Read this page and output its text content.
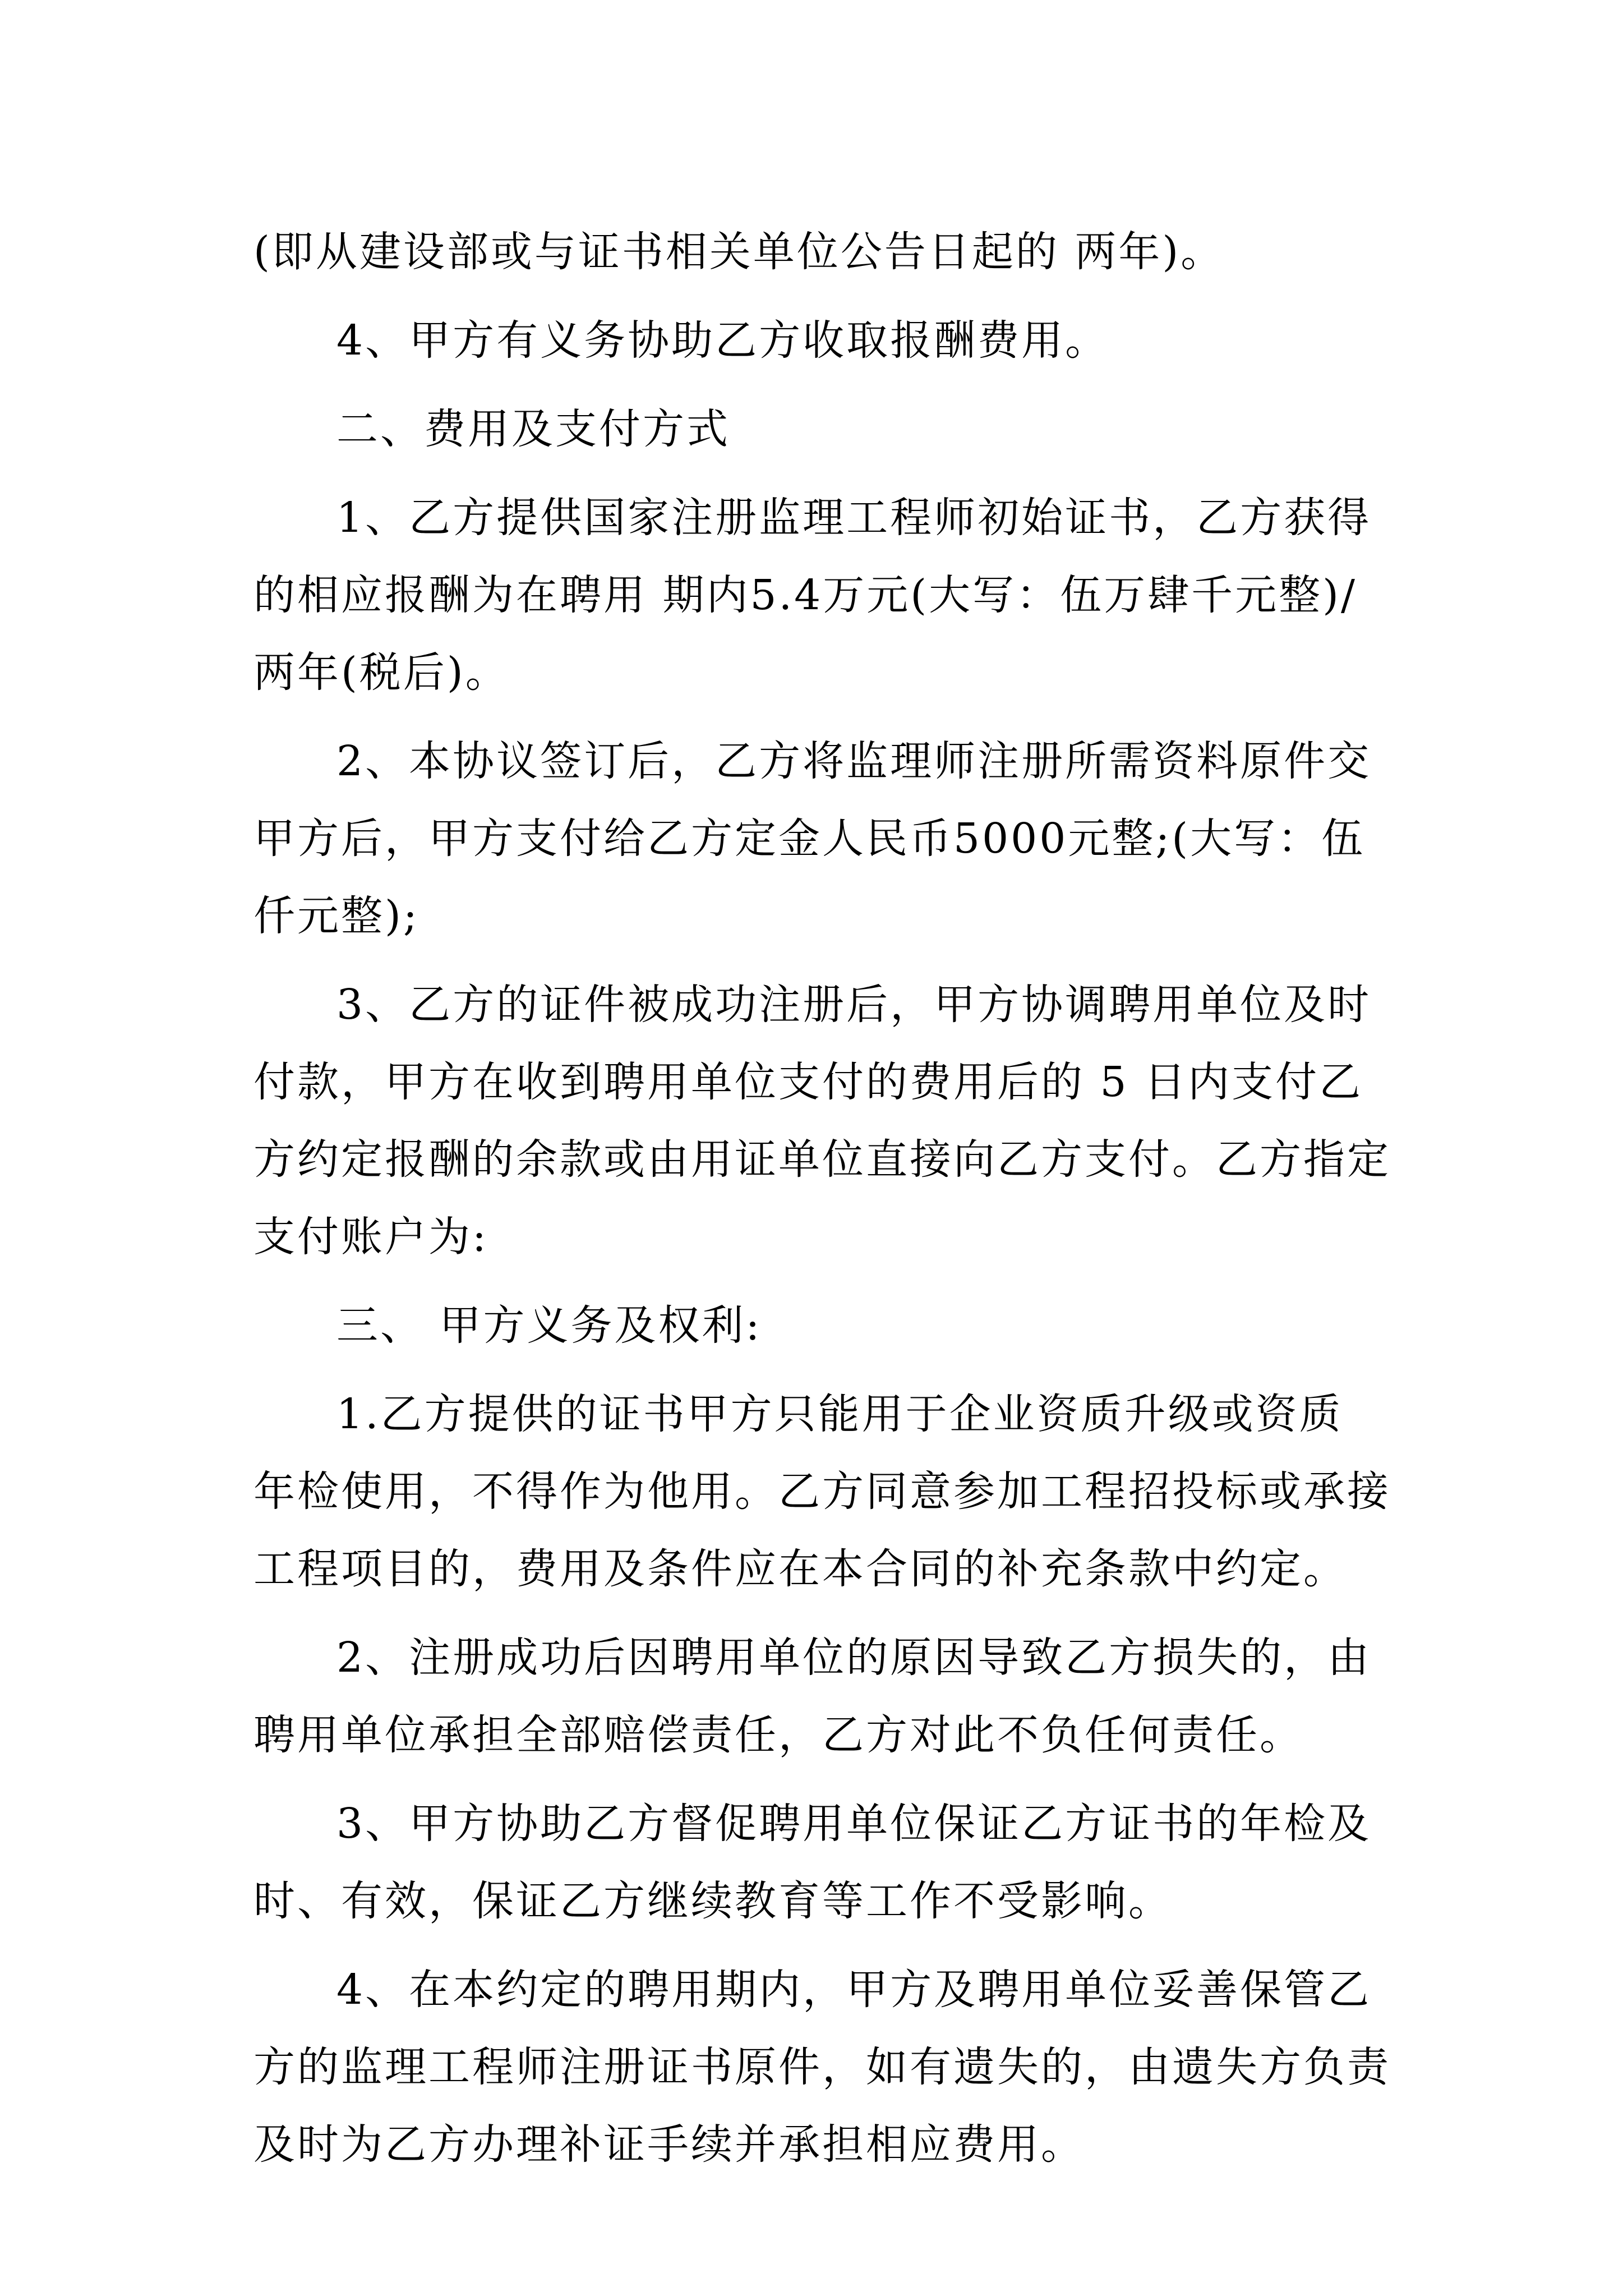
(即从建设部或与证书相关单位公告日起的 两年)。
4、甲方有义务协助乙方收取报酬费用。
二、费用及支付方式
1、乙方提供国家注册监理工程师初始证书，乙方获得
的相应报酬为在聘用 期内5.4万元(大写：伍万肆千元整)/
两年(税后)。
2、本协议签订后，乙方将监理师注册所需资料原件交
甲方后，甲方支付给乙方定金人民币5000元整;(大写：伍
仟元整);
3、乙方的证件被成功注册后，甲方协调聘用单位及时
付款，甲方在收到聘用单位支付的费用后的 5 日内支付乙
方约定报酬的余款或由用证单位直接向乙方支付。乙方指定
支付账户为:
三、 甲方义务及权利:
1.乙方提供的证书甲方只能用于企业资质升级或资质
年检使用，不得作为他用。乙方同意参加工程招投标或承接
工程项目的，费用及条件应在本合同的补充条款中约定。
2、注册成功后因聘用单位的原因导致乙方损失的，由
聘用单位承担全部赔偿责任，乙方对此不负任何责任。
3、甲方协助乙方督促聘用单位保证乙方证书的年检及
时、有效，保证乙方继续教育等工作不受影响。
4、在本约定的聘用期内，甲方及聘用单位妥善保管乙
方的监理工程师注册证书原件，如有遗失的，由遗失方负责
及时为乙方办理补证手续并承担相应费用。
